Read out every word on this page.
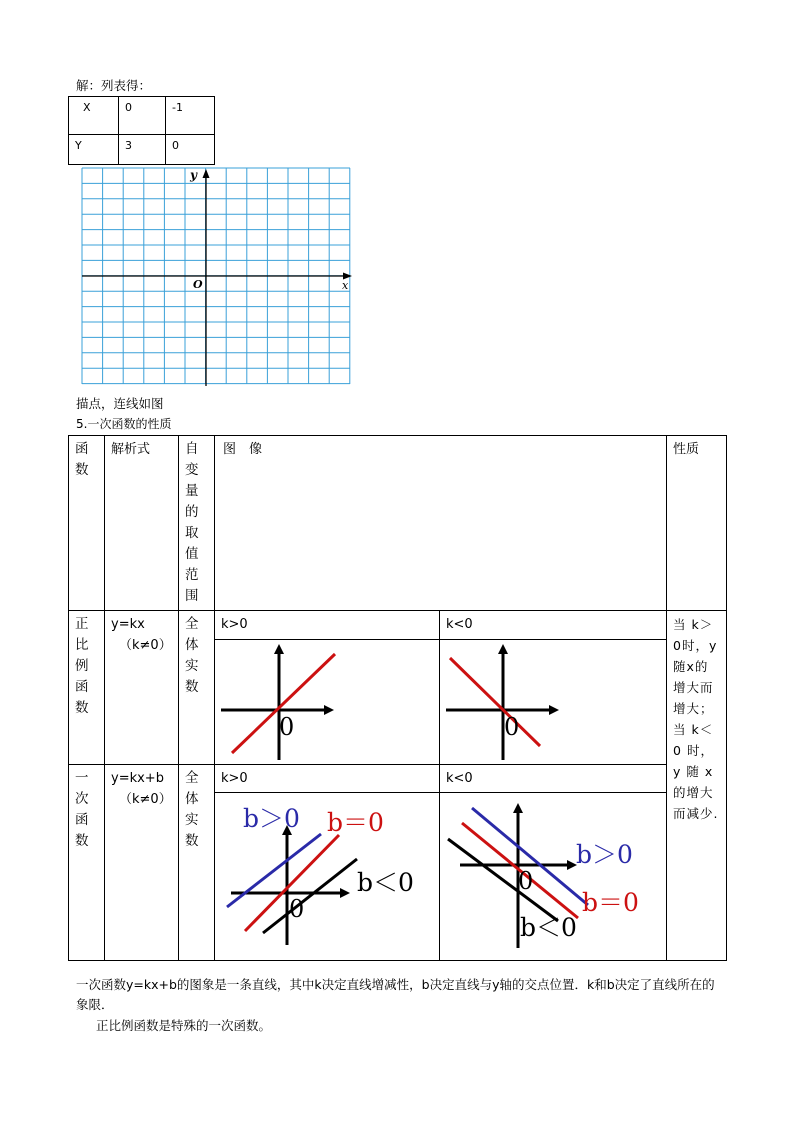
解：列表得：
X	0	-1
Y	3	0
y
x
O
描点，连线如图
5.一次函数的性质
函数	解析式	自变量的取值范围	图　像		性质

正比例函数	y=kx
（k≠0）	全体实数	k>0	k<0	当 k＞0时，y随x的增大而增大；当 k＜0 时，y 随 x 的增大而减少.

0	0	

一次函数	y=kx+b
（k≠0）	全体实数	k>0	k<0	

0
b＞0 b＝0
b＜0	0
b＞0
b＝0
b＜0	
一次函数y=kx+b的图象是一条直线，其中k决定直线增减性，b决定直线与y轴的交点位置．k和b决定了直线所在的象限．
正比例函数是特殊的一次函数。
